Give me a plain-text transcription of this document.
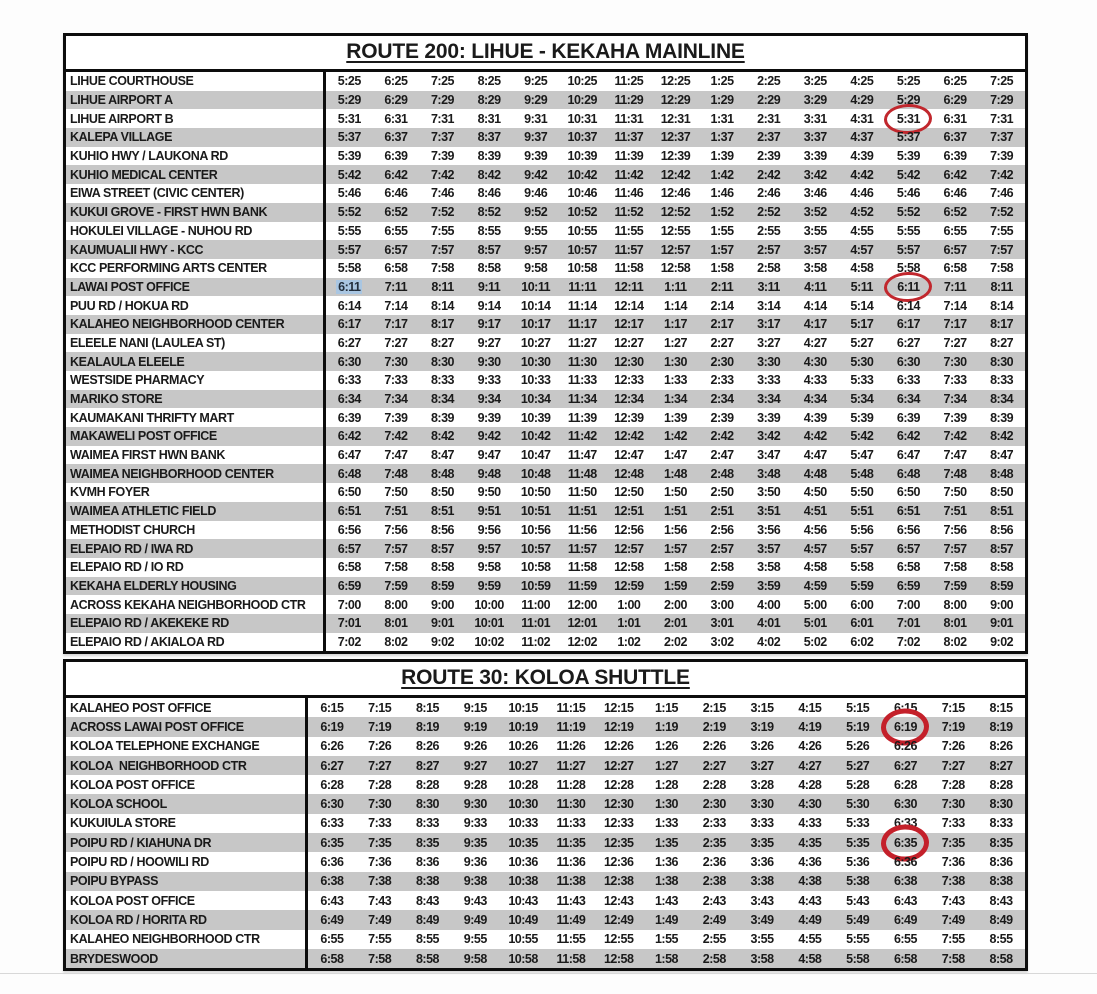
ROUTE 200: LIHUE - KEKAHA MAINLINE
LIHUE COURTHOUSE	5:25	6:25	7:25	8:25	9:25	10:25	11:25	12:25	1:25	2:25	3:25	4:25	5:25	6:25	7:25
LIHUE AIRPORT A	5:29	6:29	7:29	8:29	9:29	10:29	11:29	12:29	1:29	2:29	3:29	4:29	5:29	6:29	7:29
LIHUE AIRPORT B	5:31	6:31	7:31	8:31	9:31	10:31	11:31	12:31	1:31	2:31	3:31	4:31	5:31	6:31	7:31
KALEPA VILLAGE	5:37	6:37	7:37	8:37	9:37	10:37	11:37	12:37	1:37	2:37	3:37	4:37	5:37	6:37	7:37
KUHIO HWY / LAUKONA RD	5:39	6:39	7:39	8:39	9:39	10:39	11:39	12:39	1:39	2:39	3:39	4:39	5:39	6:39	7:39
KUHIO MEDICAL CENTER	5:42	6:42	7:42	8:42	9:42	10:42	11:42	12:42	1:42	2:42	3:42	4:42	5:42	6:42	7:42
EIWA STREET (CIVIC CENTER)	5:46	6:46	7:46	8:46	9:46	10:46	11:46	12:46	1:46	2:46	3:46	4:46	5:46	6:46	7:46
KUKUI GROVE - FIRST HWN BANK	5:52	6:52	7:52	8:52	9:52	10:52	11:52	12:52	1:52	2:52	3:52	4:52	5:52	6:52	7:52
HOKULEI VILLAGE - NUHOU RD	5:55	6:55	7:55	8:55	9:55	10:55	11:55	12:55	1:55	2:55	3:55	4:55	5:55	6:55	7:55
KAUMUALII HWY - KCC	5:57	6:57	7:57	8:57	9:57	10:57	11:57	12:57	1:57	2:57	3:57	4:57	5:57	6:57	7:57
KCC PERFORMING ARTS CENTER	5:58	6:58	7:58	8:58	9:58	10:58	11:58	12:58	1:58	2:58	3:58	4:58	5:58	6:58	7:58
LAWAI POST OFFICE	6:11	7:11	8:11	9:11	10:11	11:11	12:11	1:11	2:11	3:11	4:11	5:11	6:11	7:11	8:11
PUU RD / HOKUA RD	6:14	7:14	8:14	9:14	10:14	11:14	12:14	1:14	2:14	3:14	4:14	5:14	6:14	7:14	8:14
KALAHEO NEIGHBORHOOD CENTER	6:17	7:17	8:17	9:17	10:17	11:17	12:17	1:17	2:17	3:17	4:17	5:17	6:17	7:17	8:17
ELEELE NANI (LAULEA ST)	6:27	7:27	8:27	9:27	10:27	11:27	12:27	1:27	2:27	3:27	4:27	5:27	6:27	7:27	8:27
KEALAULA ELEELE	6:30	7:30	8:30	9:30	10:30	11:30	12:30	1:30	2:30	3:30	4:30	5:30	6:30	7:30	8:30
WESTSIDE PHARMACY	6:33	7:33	8:33	9:33	10:33	11:33	12:33	1:33	2:33	3:33	4:33	5:33	6:33	7:33	8:33
MARIKO STORE	6:34	7:34	8:34	9:34	10:34	11:34	12:34	1:34	2:34	3:34	4:34	5:34	6:34	7:34	8:34
KAUMAKANI THRIFTY MART	6:39	7:39	8:39	9:39	10:39	11:39	12:39	1:39	2:39	3:39	4:39	5:39	6:39	7:39	8:39
MAKAWELI POST OFFICE	6:42	7:42	8:42	9:42	10:42	11:42	12:42	1:42	2:42	3:42	4:42	5:42	6:42	7:42	8:42
WAIMEA FIRST HWN BANK	6:47	7:47	8:47	9:47	10:47	11:47	12:47	1:47	2:47	3:47	4:47	5:47	6:47	7:47	8:47
WAIMEA NEIGHBORHOOD CENTER	6:48	7:48	8:48	9:48	10:48	11:48	12:48	1:48	2:48	3:48	4:48	5:48	6:48	7:48	8:48
KVMH FOYER	6:50	7:50	8:50	9:50	10:50	11:50	12:50	1:50	2:50	3:50	4:50	5:50	6:50	7:50	8:50
WAIMEA ATHLETIC FIELD	6:51	7:51	8:51	9:51	10:51	11:51	12:51	1:51	2:51	3:51	4:51	5:51	6:51	7:51	8:51
METHODIST CHURCH	6:56	7:56	8:56	9:56	10:56	11:56	12:56	1:56	2:56	3:56	4:56	5:56	6:56	7:56	8:56
ELEPAIO RD / IWA RD	6:57	7:57	8:57	9:57	10:57	11:57	12:57	1:57	2:57	3:57	4:57	5:57	6:57	7:57	8:57
ELEPAIO RD / IO RD	6:58	7:58	8:58	9:58	10:58	11:58	12:58	1:58	2:58	3:58	4:58	5:58	6:58	7:58	8:58
KEKAHA ELDERLY HOUSING	6:59	7:59	8:59	9:59	10:59	11:59	12:59	1:59	2:59	3:59	4:59	5:59	6:59	7:59	8:59
ACROSS KEKAHA NEIGHBORHOOD CTR	7:00	8:00	9:00	10:00	11:00	12:00	1:00	2:00	3:00	4:00	5:00	6:00	7:00	8:00	9:00
ELEPAIO RD / AKEKEKE RD	7:01	8:01	9:01	10:01	11:01	12:01	1:01	2:01	3:01	4:01	5:01	6:01	7:01	8:01	9:01
ELEPAIO RD / AKIALOA RD	7:02	8:02	9:02	10:02	11:02	12:02	1:02	2:02	3:02	4:02	5:02	6:02	7:02	8:02	9:02
ROUTE 30: KOLOA SHUTTLE
KALAHEO POST OFFICE	6:15	7:15	8:15	9:15	10:15	11:15	12:15	1:15	2:15	3:15	4:15	5:15	6:15	7:15	8:15
ACROSS LAWAI POST OFFICE	6:19	7:19	8:19	9:19	10:19	11:19	12:19	1:19	2:19	3:19	4:19	5:19	6:19	7:19	8:19
KOLOA TELEPHONE EXCHANGE	6:26	7:26	8:26	9:26	10:26	11:26	12:26	1:26	2:26	3:26	4:26	5:26	6:26	7:26	8:26
KOLOA  NEIGHBORHOOD CTR	6:27	7:27	8:27	9:27	10:27	11:27	12:27	1:27	2:27	3:27	4:27	5:27	6:27	7:27	8:27
KOLOA POST OFFICE	6:28	7:28	8:28	9:28	10:28	11:28	12:28	1:28	2:28	3:28	4:28	5:28	6:28	7:28	8:28
KOLOA SCHOOL	6:30	7:30	8:30	9:30	10:30	11:30	12:30	1:30	2:30	3:30	4:30	5:30	6:30	7:30	8:30
KUKUIULA STORE	6:33	7:33	8:33	9:33	10:33	11:33	12:33	1:33	2:33	3:33	4:33	5:33	6:33	7:33	8:33
POIPU RD / KIAHUNA DR	6:35	7:35	8:35	9:35	10:35	11:35	12:35	1:35	2:35	3:35	4:35	5:35	6:35	7:35	8:35
POIPU RD / HOOWILI RD	6:36	7:36	8:36	9:36	10:36	11:36	12:36	1:36	2:36	3:36	4:36	5:36	6:36	7:36	8:36
POIPU BYPASS	6:38	7:38	8:38	9:38	10:38	11:38	12:38	1:38	2:38	3:38	4:38	5:38	6:38	7:38	8:38
KOLOA POST OFFICE	6:43	7:43	8:43	9:43	10:43	11:43	12:43	1:43	2:43	3:43	4:43	5:43	6:43	7:43	8:43
KOLOA RD / HORITA RD	6:49	7:49	8:49	9:49	10:49	11:49	12:49	1:49	2:49	3:49	4:49	5:49	6:49	7:49	8:49
KALAHEO NEIGHBORHOOD CTR	6:55	7:55	8:55	9:55	10:55	11:55	12:55	1:55	2:55	3:55	4:55	5:55	6:55	7:55	8:55
BRYDESWOOD	6:58	7:58	8:58	9:58	10:58	11:58	12:58	1:58	2:58	3:58	4:58	5:58	6:58	7:58	8:58
